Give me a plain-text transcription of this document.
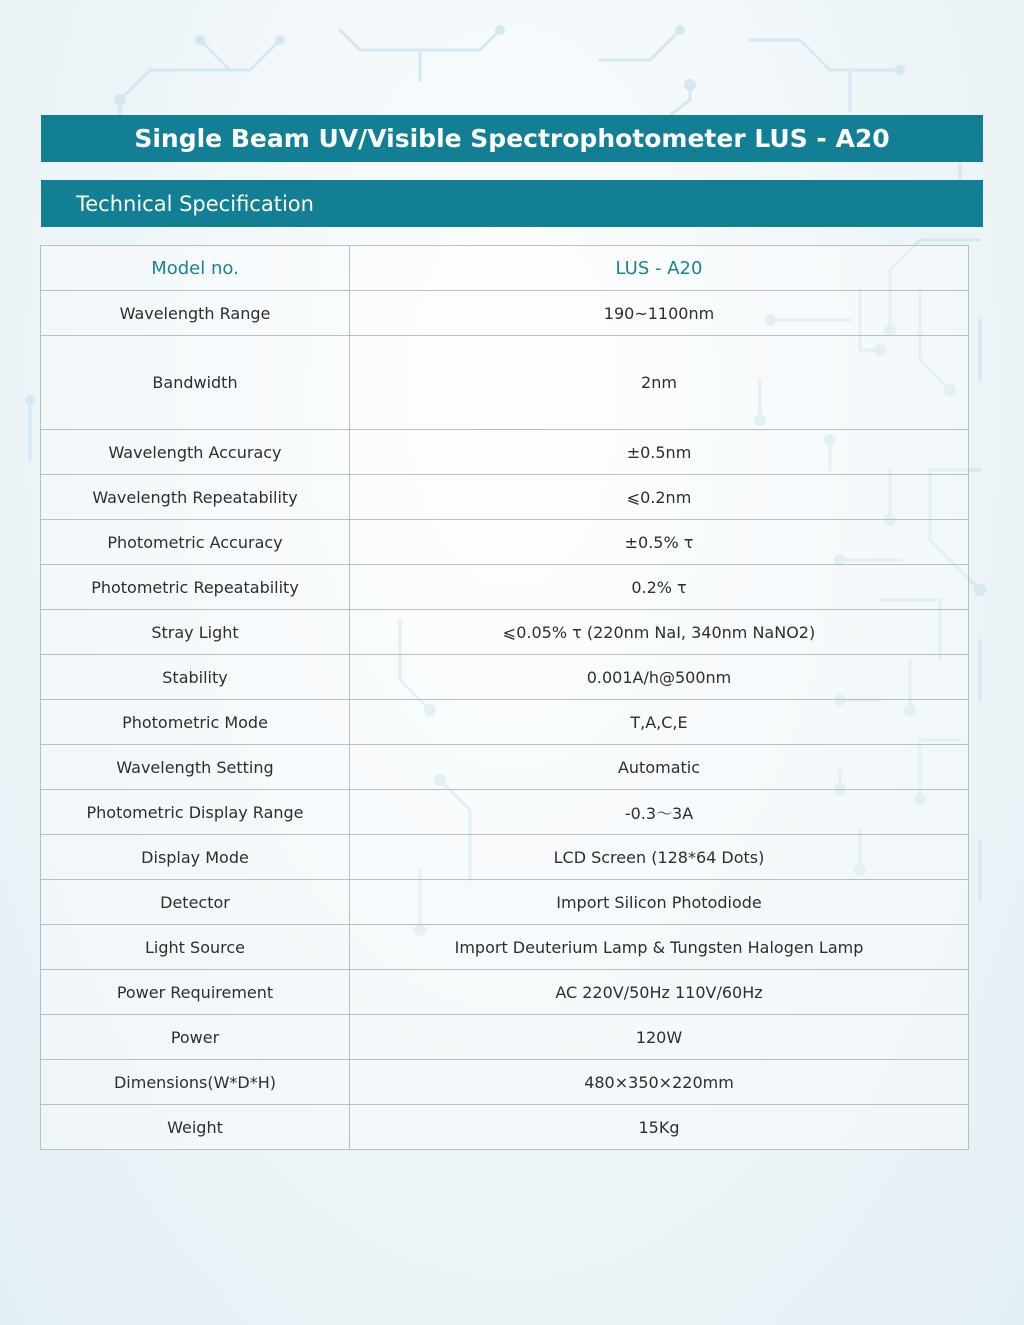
Single Beam UV/Visible Spectrophotometer LUS - A20
Technical Specification
Model no.	LUS - A20
Wavelength Range	190~1100nm
Bandwidth	2nm
Wavelength Accuracy	±0.5nm
Wavelength Repeatability	⩽0.2nm
Photometric Accuracy	±0.5% τ
Photometric Repeatability	0.2% τ
Stray Light	⩽0.05% τ (220nm NaI, 340nm NaNO2)
Stability	0.001A/h@500nm
Photometric Mode	T,A,C,E
Wavelength Setting	Automatic
Photometric Display Range	-0.3～3A
Display Mode	LCD Screen (128*64 Dots)
Detector	Import Silicon Photodiode
Light Source	Import Deuterium Lamp & Tungsten Halogen Lamp
Power Requirement	AC 220V/50Hz 110V/60Hz
Power	120W
Dimensions(W*D*H)	480×350×220mm
Weight	15Kg
